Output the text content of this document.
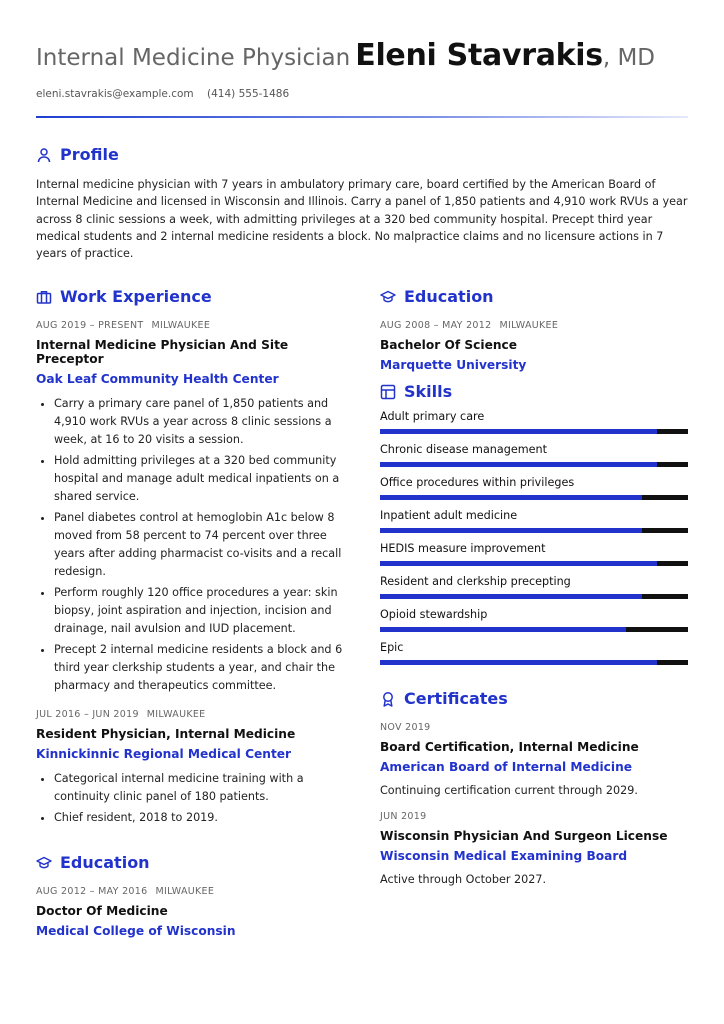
Internal Medicine Physician Eleni Stavrakis, MD
eleni.stavrakis@example.com (414) 555-1486
Profile

Internal medicine physician with 7 years in ambulatory primary care, board certified by the American Board of Internal Medicine and licensed in Wisconsin and Illinois. Carry a panel of 1,850 patients and 4,910 work RVUs a year across 8 clinic sessions a week, with admitting privileges at a 320 bed community hospital. Precept third year medical students and 2 internal medicine residents a block. No malpractice claims and no licensure actions in 7 years of practice.

Work Experience
AUG 2019 – PRESENT MILWAUKEE
Internal Medicine Physician And Site Preceptor
Oak Leaf Community Health Center
• Carry a primary care panel of 1,850 patients and 4,910 work RVUs a year across 8 clinic sessions a week, at 16 to 20 visits a session.
• Hold admitting privileges at a 320 bed community hospital and manage adult medical inpatients on a shared service.
• Panel diabetes control at hemoglobin A1c below 8 moved from 58 percent to 74 percent over three years after adding pharmacist co-visits and a recall redesign.
• Perform roughly 120 office procedures a year: skin biopsy, joint aspiration and injection, incision and drainage, nail avulsion and IUD placement.
• Precept 2 internal medicine residents a block and 6 third year clerkship students a year, and chair the pharmacy and therapeutics committee.
JUL 2016 – JUN 2019 MILWAUKEE
Resident Physician, Internal Medicine
Kinnickinnic Regional Medical Center
• Categorical internal medicine training with a continuity clinic panel of 180 patients.
• Chief resident, 2018 to 2019.
Education
AUG 2012 – MAY 2016 MILWAUKEE
Doctor Of Medicine
Medical College of Wisconsin
Education
AUG 2008 – MAY 2012 MILWAUKEE
Bachelor Of Science
Marquette University
Skills
Adult primary care
Chronic disease management
Office procedures within privileges
Inpatient adult medicine
HEDIS measure improvement
Resident and clerkship precepting
Opioid stewardship
Epic
Certificates
NOV 2019
Board Certification, Internal Medicine
American Board of Internal Medicine
Continuing certification current through 2029.
JUN 2019
Wisconsin Physician And Surgeon License
Wisconsin Medical Examining Board
Active through October 2027.
